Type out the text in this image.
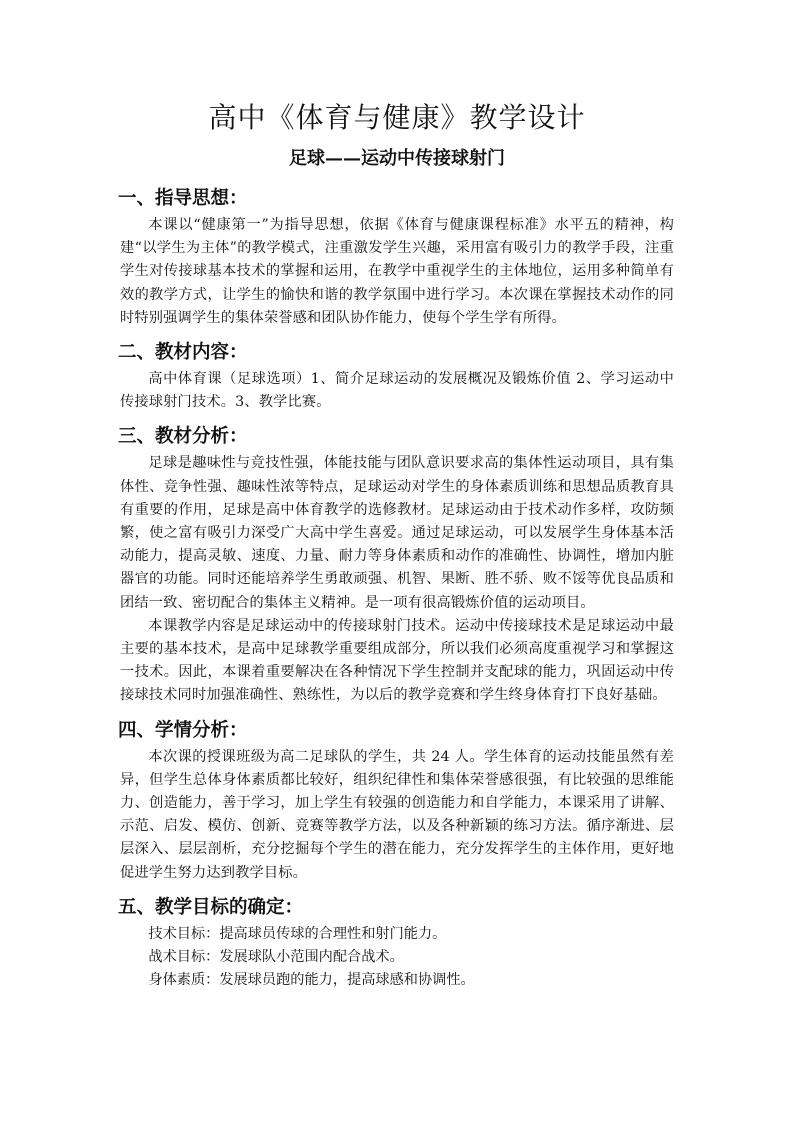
高中《体育与健康》教学设计
足球——运动中传接球射门
一、指导思想：

本课以“健康第一”为指导思想，依据《体育与健康课程标准》水平五的精神，构建“以学生为主体”的教学模式，注重激发学生兴趣，采用富有吸引力的教学手段，注重学生对传接球基本技术的掌握和运用，在教学中重视学生的主体地位，运用多种简单有效的教学方式，让学生的愉快和谐的教学氛围中进行学习。本次课在掌握技术动作的同时特别强调学生的集体荣誉感和团队协作能力，使每个学生学有所得。

二、教材内容：

高中体育课（足球选项）1、简介足球运动的发展概况及锻炼价值 2、学习运动中传接球射门技术。3、教学比赛。

三、教材分析：

足球是趣味性与竞技性强，体能技能与团队意识要求高的集体性运动项目，具有集体性、竞争性强、趣味性浓等特点，足球运动对学生的身体素质训练和思想品质教育具有重要的作用，足球是高中体育教学的选修教材。足球运动由于技术动作多样，攻防频繁，使之富有吸引力深受广大高中学生喜爱。通过足球运动，可以发展学生身体基本活动能力，提高灵敏、速度、力量、耐力等身体素质和动作的准确性、协调性，增加内脏器官的功能。同时还能培养学生勇敢顽强、机智、果断、胜不骄、败不馁等优良品质和团结一致、密切配合的集体主义精神。是一项有很高锻炼价值的运动项目。

本课教学内容是足球运动中的传接球射门技术。运动中传接球技术是足球运动中最主要的基本技术，是高中足球教学重要组成部分，所以我们必须高度重视学习和掌握这一技术。因此，本课着重要解决在各种情况下学生控制并支配球的能力，巩固运动中传接球技术同时加强准确性、熟练性，为以后的教学竞赛和学生终身体育打下良好基础。

四、学情分析：

本次课的授课班级为高二足球队的学生，共 24 人。学生体育的运动技能虽然有差异，但学生总体身体素质都比较好，组织纪律性和集体荣誉感很强，有比较强的思维能力、创造能力，善于学习，加上学生有较强的创造能力和自学能力，本课采用了讲解、示范、启发、模仿、创新、竞赛等教学方法，以及各种新颖的练习方法。循序渐进、层层深入、层层剖析，充分挖掘每个学生的潜在能力，充分发挥学生的主体作用，更好地促进学生努力达到教学目标。

五、教学目标的确定：
技术目标：提高球员传球的合理性和射门能力。
战术目标：发展球队小范围内配合战术。
身体素质：发展球员跑的能力，提高球感和协调性。
